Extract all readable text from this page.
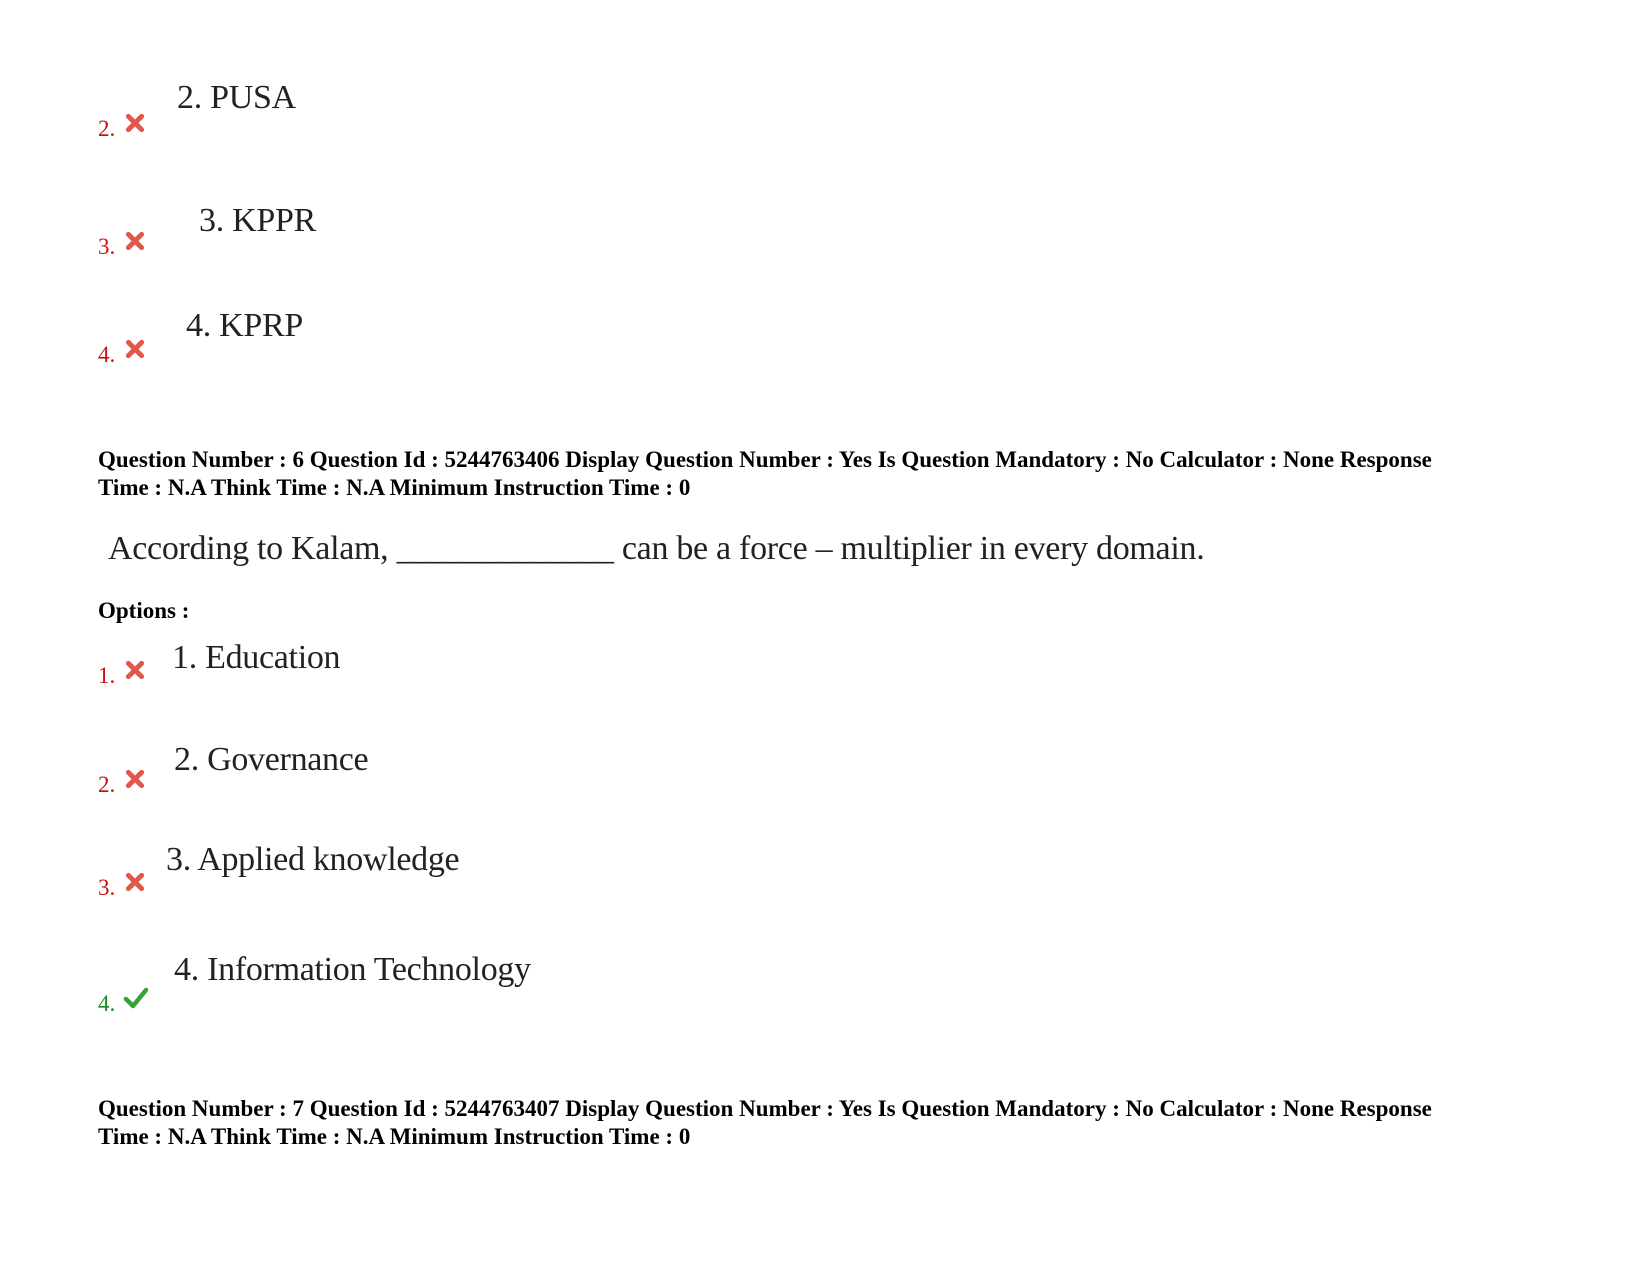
2.
2. PUSA
3.
3. KPPR
4.
4. KPRP
Question Number : 6 Question Id : 5244763406 Display Question Number : Yes Is Question Mandatory : No Calculator : None Response
Time : N.A Think Time : N.A Minimum Instruction Time : 0
According to Kalam, _____________ can be a force – multiplier in every domain.
Options :
1. 1. Education
2.
2. Governance
3.
3. Applied knowledge
4.
4. Information Technology
Question Number : 7 Question Id : 5244763407 Display Question Number : Yes Is Question Mandatory : No Calculator : None Response
Time : N.A Think Time : N.A Minimum Instruction Time : 0
